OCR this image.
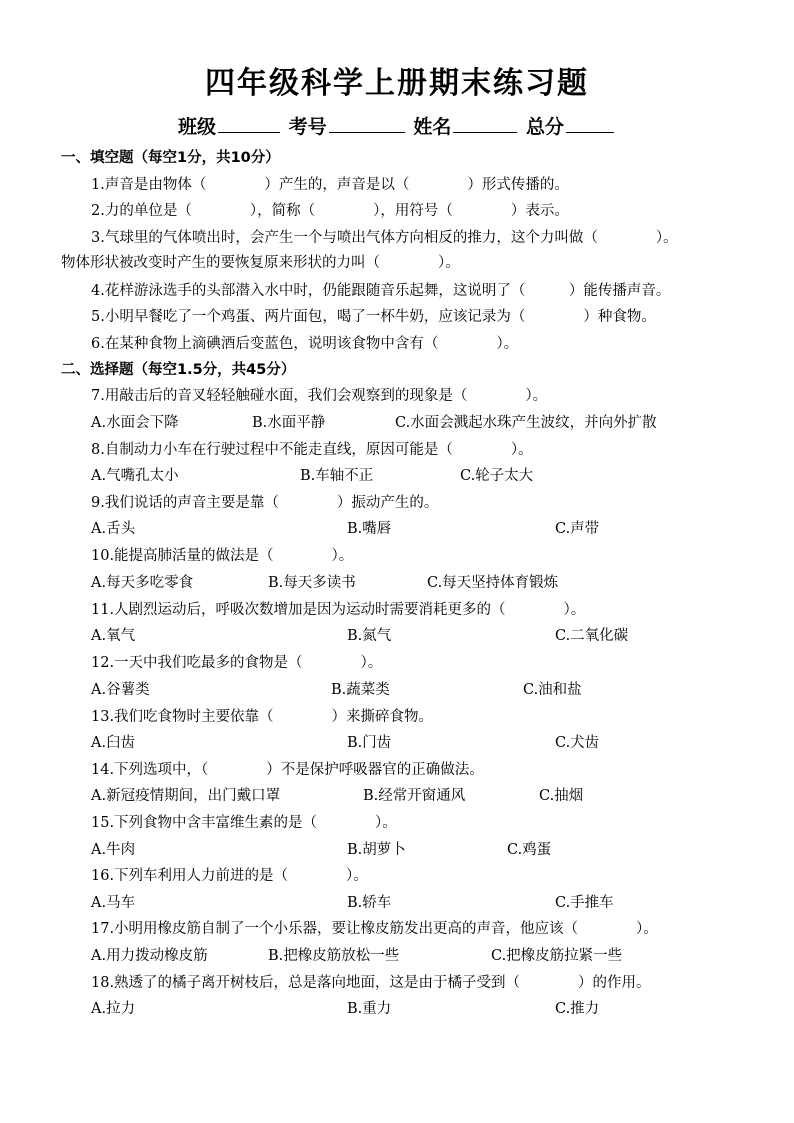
四年级科学上册期末练习题
班级	考号	姓名	总分
一、填空题（每空1分，共10分）
1.声音是由物体（　　　　）产生的，声音是以（　　　　）形式传播的。
2.力的单位是（　　　　），简称（　　　　），用符号（　　　　）表示。
3.气球里的气体喷出时，会产生一个与喷出气体方向相反的推力，这个力叫做（　　　　）。
物体形状被改变时产生的要恢复原来形状的力叫（　　　　）。
4.花样游泳选手的头部潜入水中时，仍能跟随音乐起舞，这说明了（　　　）能传播声音。
5.小明早餐吃了一个鸡蛋、两片面包，喝了一杯牛奶，应该记录为（　　　　）种食物。
6.在某种食物上滴碘酒后变蓝色，说明该食物中含有（　　　　）。
二、选择题（每空1.5分，共45分）
7.用敲击后的音叉轻轻触碰水面，我们会观察到的现象是（　　　　）。
A.水面会下降	B.水面平静	C.水面会溅起水珠产生波纹，并向外扩散
8.自制动力小车在行驶过程中不能走直线，原因可能是（　　　　）。
A.气嘴孔太小	B.车轴不正	C.轮子太大
9.我们说话的声音主要是靠（　　　　）振动产生的。
A.舌头	B.嘴唇	C.声带
10.能提高肺活量的做法是（　　　　）。
A.每天多吃零食	B.每天多读书	C.每天坚持体育锻炼
11.人剧烈运动后，呼吸次数增加是因为运动时需要消耗更多的（　　　　）。
A.氧气	B.氮气	C.二氧化碳
12.一天中我们吃最多的食物是（　　　　）。
A.谷薯类	B.蔬菜类	C.油和盐
13.我们吃食物时主要依靠（　　　　）来撕碎食物。
A.臼齿	B.门齿	C.犬齿
14.下列选项中，（　　　　）不是保护呼吸器官的正确做法。
A.新冠疫情期间，出门戴口罩	B.经常开窗通风	C.抽烟
15.下列食物中含丰富维生素的是（　　　　）。
A.牛肉	B.胡萝卜	C.鸡蛋
16.下列车利用人力前进的是（　　　　）。
A.马车	B.轿车	C.手推车
17.小明用橡皮筋自制了一个小乐器，要让橡皮筋发出更高的声音，他应该（　　　　）。
A.用力拨动橡皮筋	B.把橡皮筋放松一些	C.把橡皮筋拉紧一些
18.熟透了的橘子离开树枝后，总是落向地面，这是由于橘子受到（　　　　）的作用。
A.拉力	B.重力	C.推力
